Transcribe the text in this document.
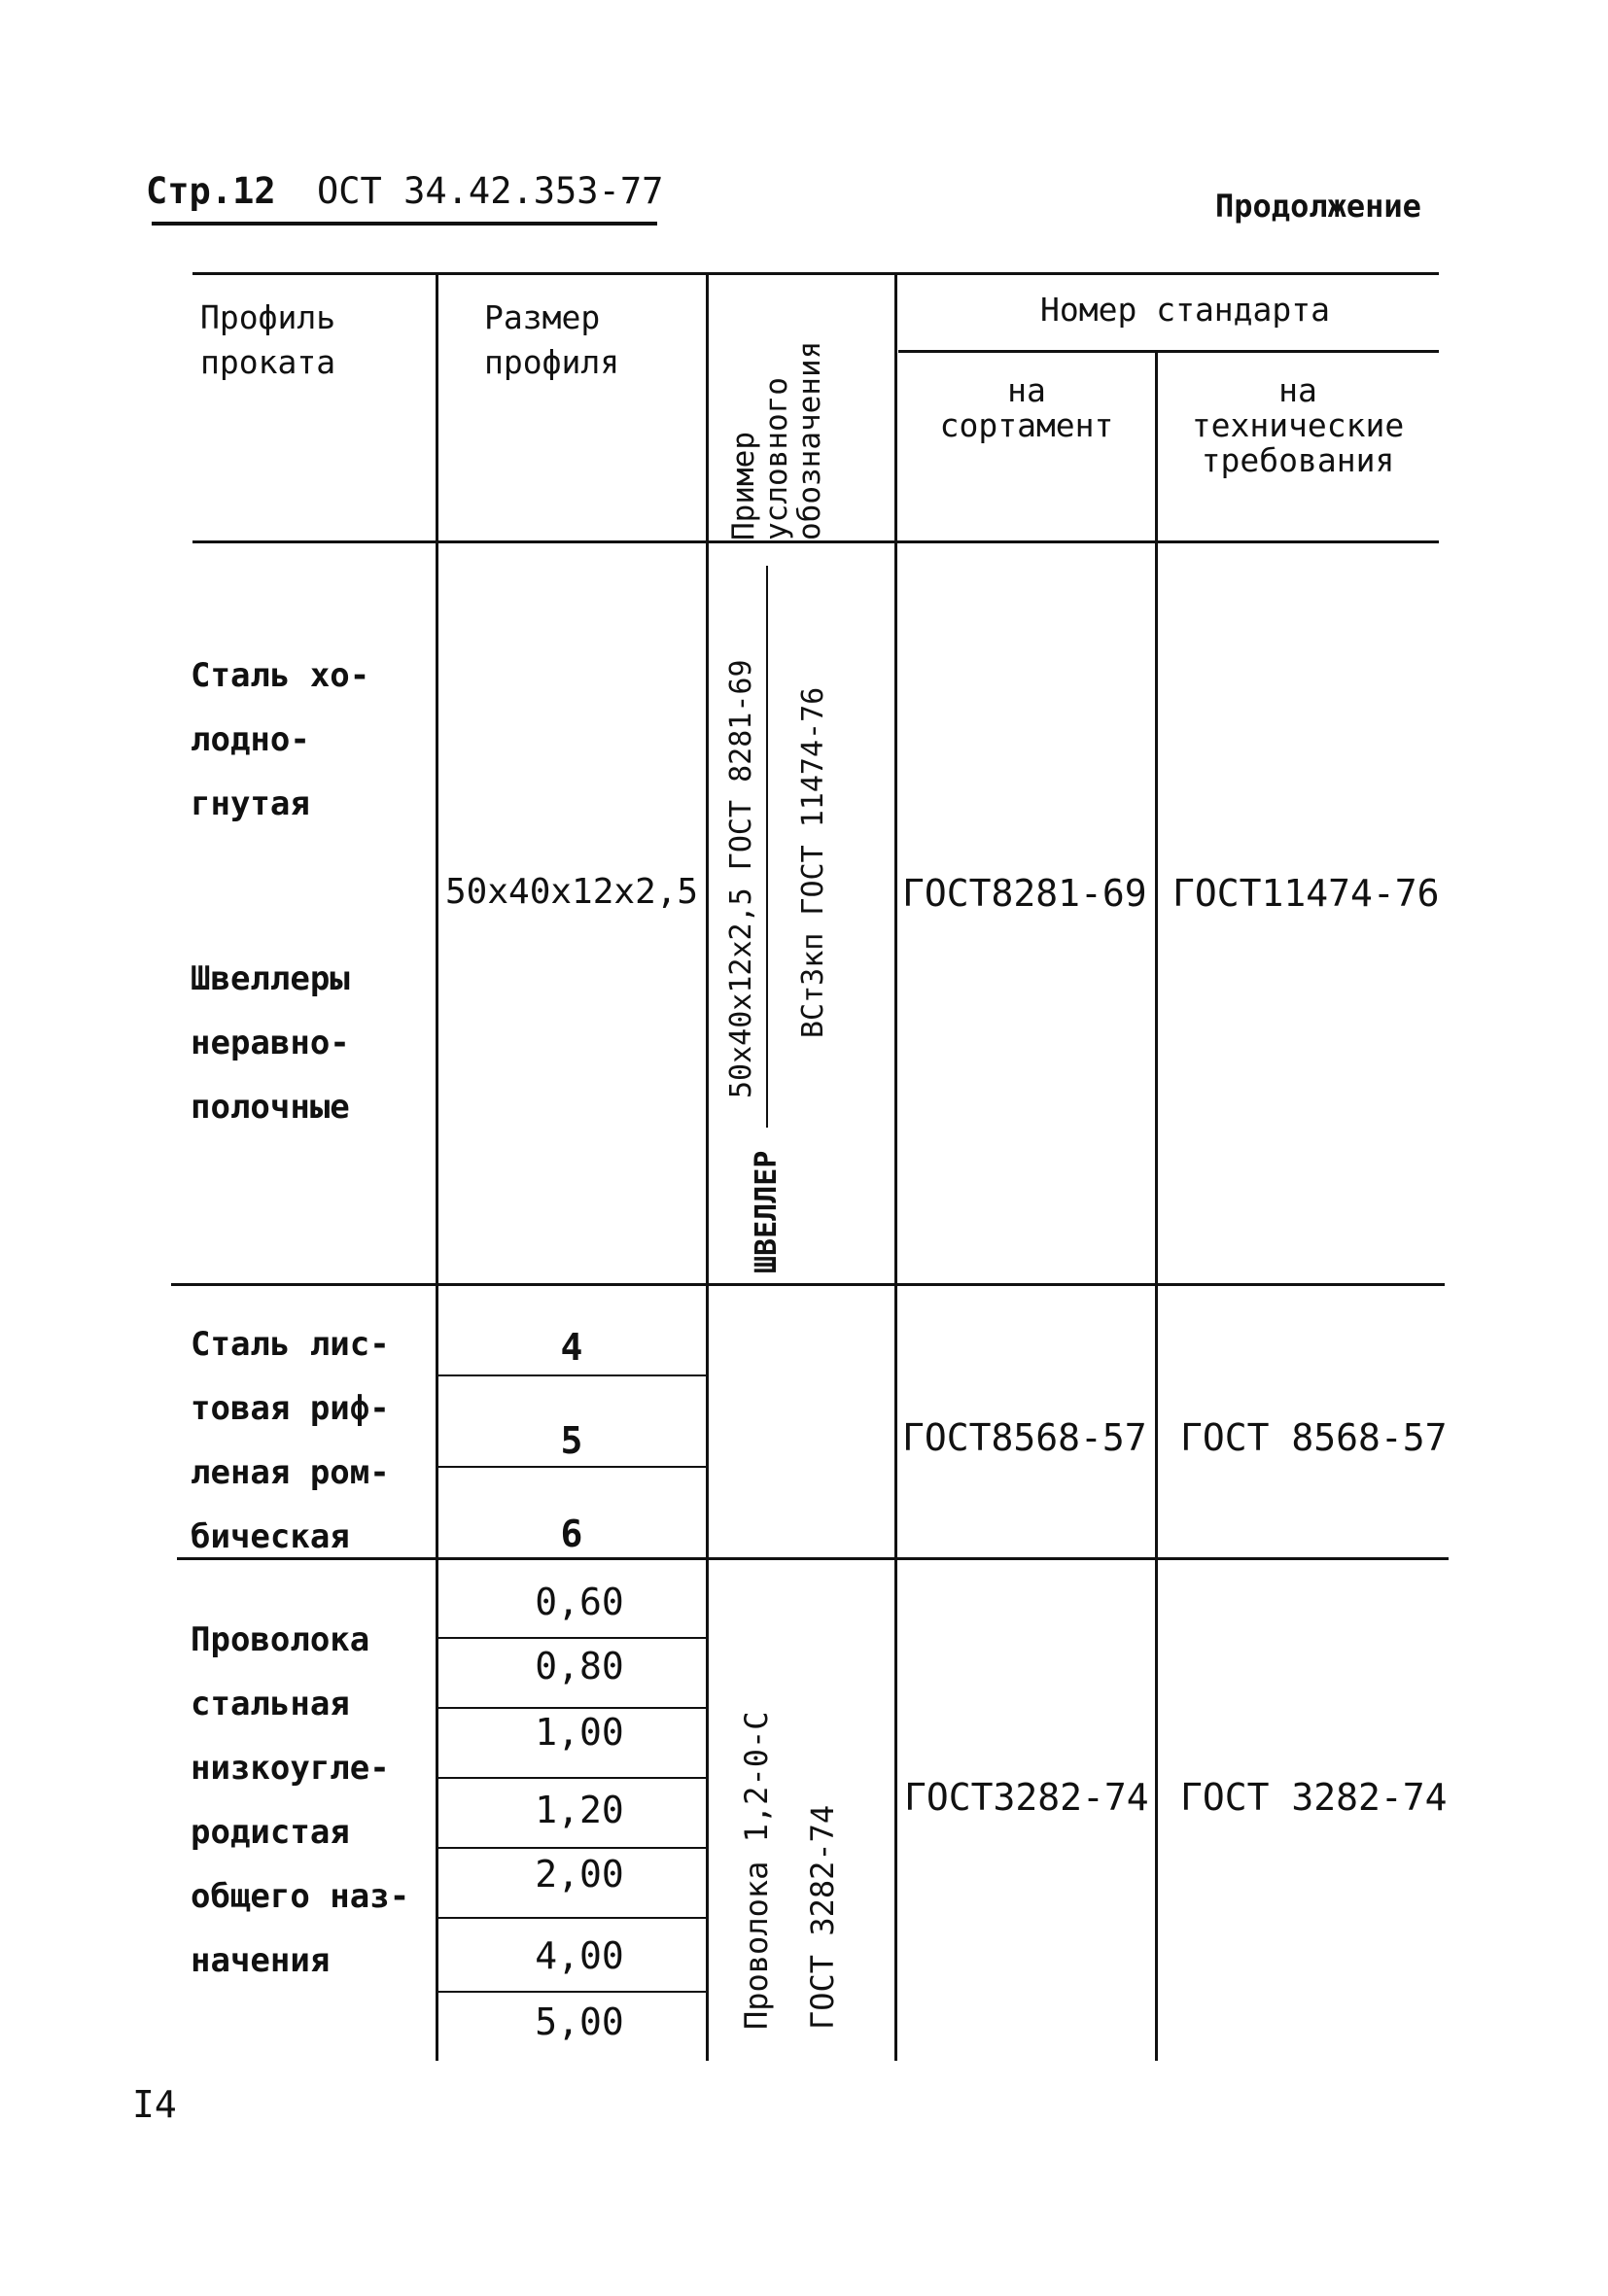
Стр.12 ОСТ 34.42.353-77	Продолжение
Профиль
проката
Размер
профиля
Пример
условного
обозначения
Номер стандарта
на
сортамент
на
технические
требования
Сталь хо-
лодно-
гнутая
Швеллеры
неравно-
полочные
50х40х12х2,5
ШВЕЛЛЕР
50х40х12х2,5 ГОСТ 8281-69 ВСт3кп ГОСТ 11474-76 ГОСТ8281-69 ГОСТ11474-76
Сталь лис-
товая риф-
леная ром-
бическая
4
5
6
ГОСТ8568-57 ГОСТ 8568-57
Проволока
стальная
низкоугле-
родистая
общего наз-
начения
0,60
0,80
1,00
1,20
2,00
4,00
5,00	Проволока 1,2-0-С ГОСТ 3282-74
ГОСТ3282-74 ГОСТ 3282-74
I4
